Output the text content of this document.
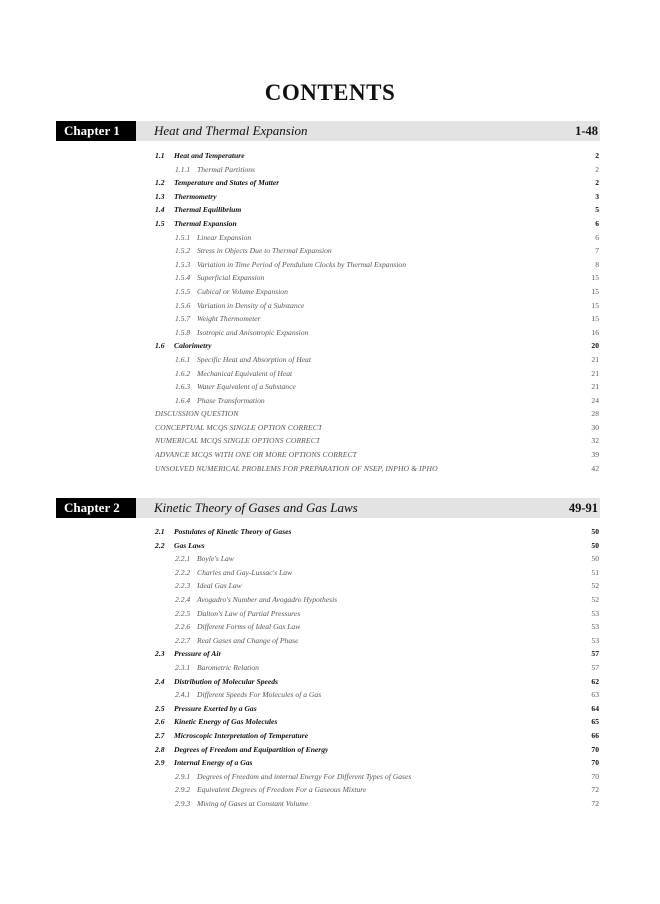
CONTENTS
Chapter 1	Heat and Thermal Expansion	1-48
1.1 Heat and Temperature	2
1.1.1 Thermal Partitions	2
1.2 Temperature and States of Matter	2
1.3 Thermometry	3
1.4 Thermal Equilibrium	5
1.5 Thermal Expansion	6
1.5.1 Linear Expansion	6
1.5.2 Stress in Objects Due to Thermal Expansion	7
1.5.3 Variation in Time Period of Pendulum Clocks by Thermal Expansion	8
1.5.4 Superficial Expansion	15
1.5.5 Cubical or Volume Expansion	15
1.5.6 Variation in Density of a Substance	15
1.5.7 Weight Thermometer	15
1.5.8 Isotropic and Anisotropic Expansion	16
1.6 Calorimetry	20
1.6.1 Specific Heat and Absorption of Heat	21
1.6.2 Mechanical Equivalent of Heat	21
1.6.3 Water Equivalent of a Substance	21
1.6.4 Phase Transformation	24
DISCUSSION QUESTION	28
CONCEPTUAL MCQS SINGLE OPTION CORRECT	30
NUMERICAL MCQS SINGLE OPTIONS CORRECT	32
ADVANCE MCQS WITH ONE OR MORE OPTIONS CORRECT	39
UNSOLVED NUMERICAL PROBLEMS FOR PREPARATION OF NSEP, INPHO & IPHO	42
Chapter 2	Kinetic Theory of Gases and Gas Laws	49-91
2.1 Postulates of Kinetic Theory of Gases	50
2.2 Gas Laws	50
2.2.1 Boyle's Law	50
2.2.2 Charles and Gay-Lussac's Law	51
2.2.3 Ideal Gas Law	52
2.2.4 Avogadro's Number and Avogadro Hypothesis	52
2.2.5 Dalton's Law of Partial Pressures	53
2.2.6 Different Forms of Ideal Gas Law	53
2.2.7 Real Gases and Change of Phase	53
2.3 Pressure of Air	57
2.3.1 Barometric Relation	57
2.4 Distribution of Molecular Speeds	62
2.4.1 Different Speeds For Molecules of a Gas	63
2.5 Pressure Exerted by a Gas	64
2.6 Kinetic Energy of Gas Molecules	65
2.7 Microscopic Interpretation of Temperature	66
2.8 Degrees of Freedom and Equipartition of Energy	70
2.9 Internal Energy of a Gas	70
2.9.1 Degrees of Freedom and internal Energy For Different Types of Gases	70
2.9.2 Equivalent Degrees of Freedom For a Gaseous Mixture	72
2.9.3 Mixing of Gases at Constant Volume	72
